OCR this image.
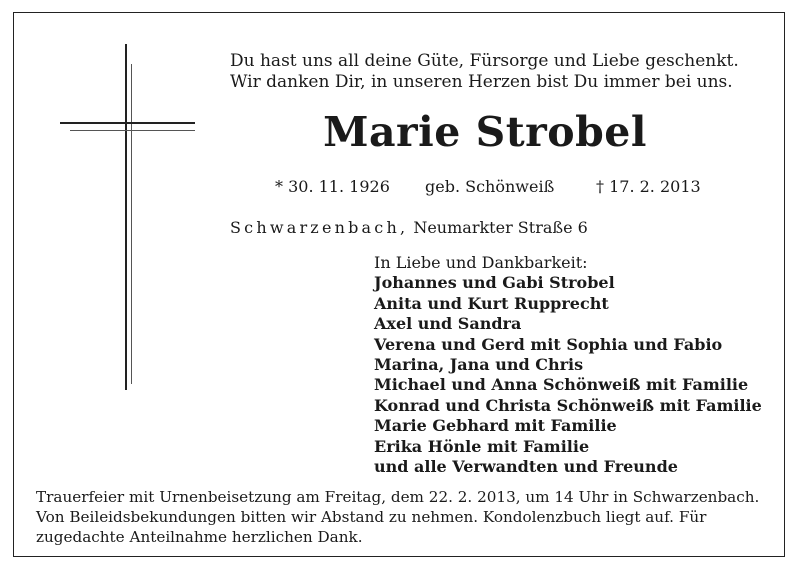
Du hast uns all deine Güte, Fürsorge und Liebe geschenkt.
Wir danken Dir, in unseren Herzen bist Du immer bei uns.
Marie Strobel
* 30. 11. 1926 geb. Schönweiß	† 17. 2. 2013
Schwarzenbach, Neumarkter Straße 6
In Liebe und Dankbarkeit:
Johannes und Gabi Strobel
Anita und Kurt Rupprecht
Axel und Sandra
Verena und Gerd mit Sophia und Fabio
Marina, Jana und Chris
Michael und Anna Schönweiß mit Familie
Konrad und Christa Schönweiß mit Familie
Marie Gebhard mit Familie
Erika Hönle mit Familie
und alle Verwandten und Freunde
Trauerfeier mit Urnenbeisetzung am Freitag, dem 22. 2. 2013, um 14 Uhr in Schwarzenbach. Von Beileidsbekundungen bitten wir Abstand zu nehmen. Kondolenzbuch liegt auf. Für zugedachte Anteilnahme herzlichen Dank.
